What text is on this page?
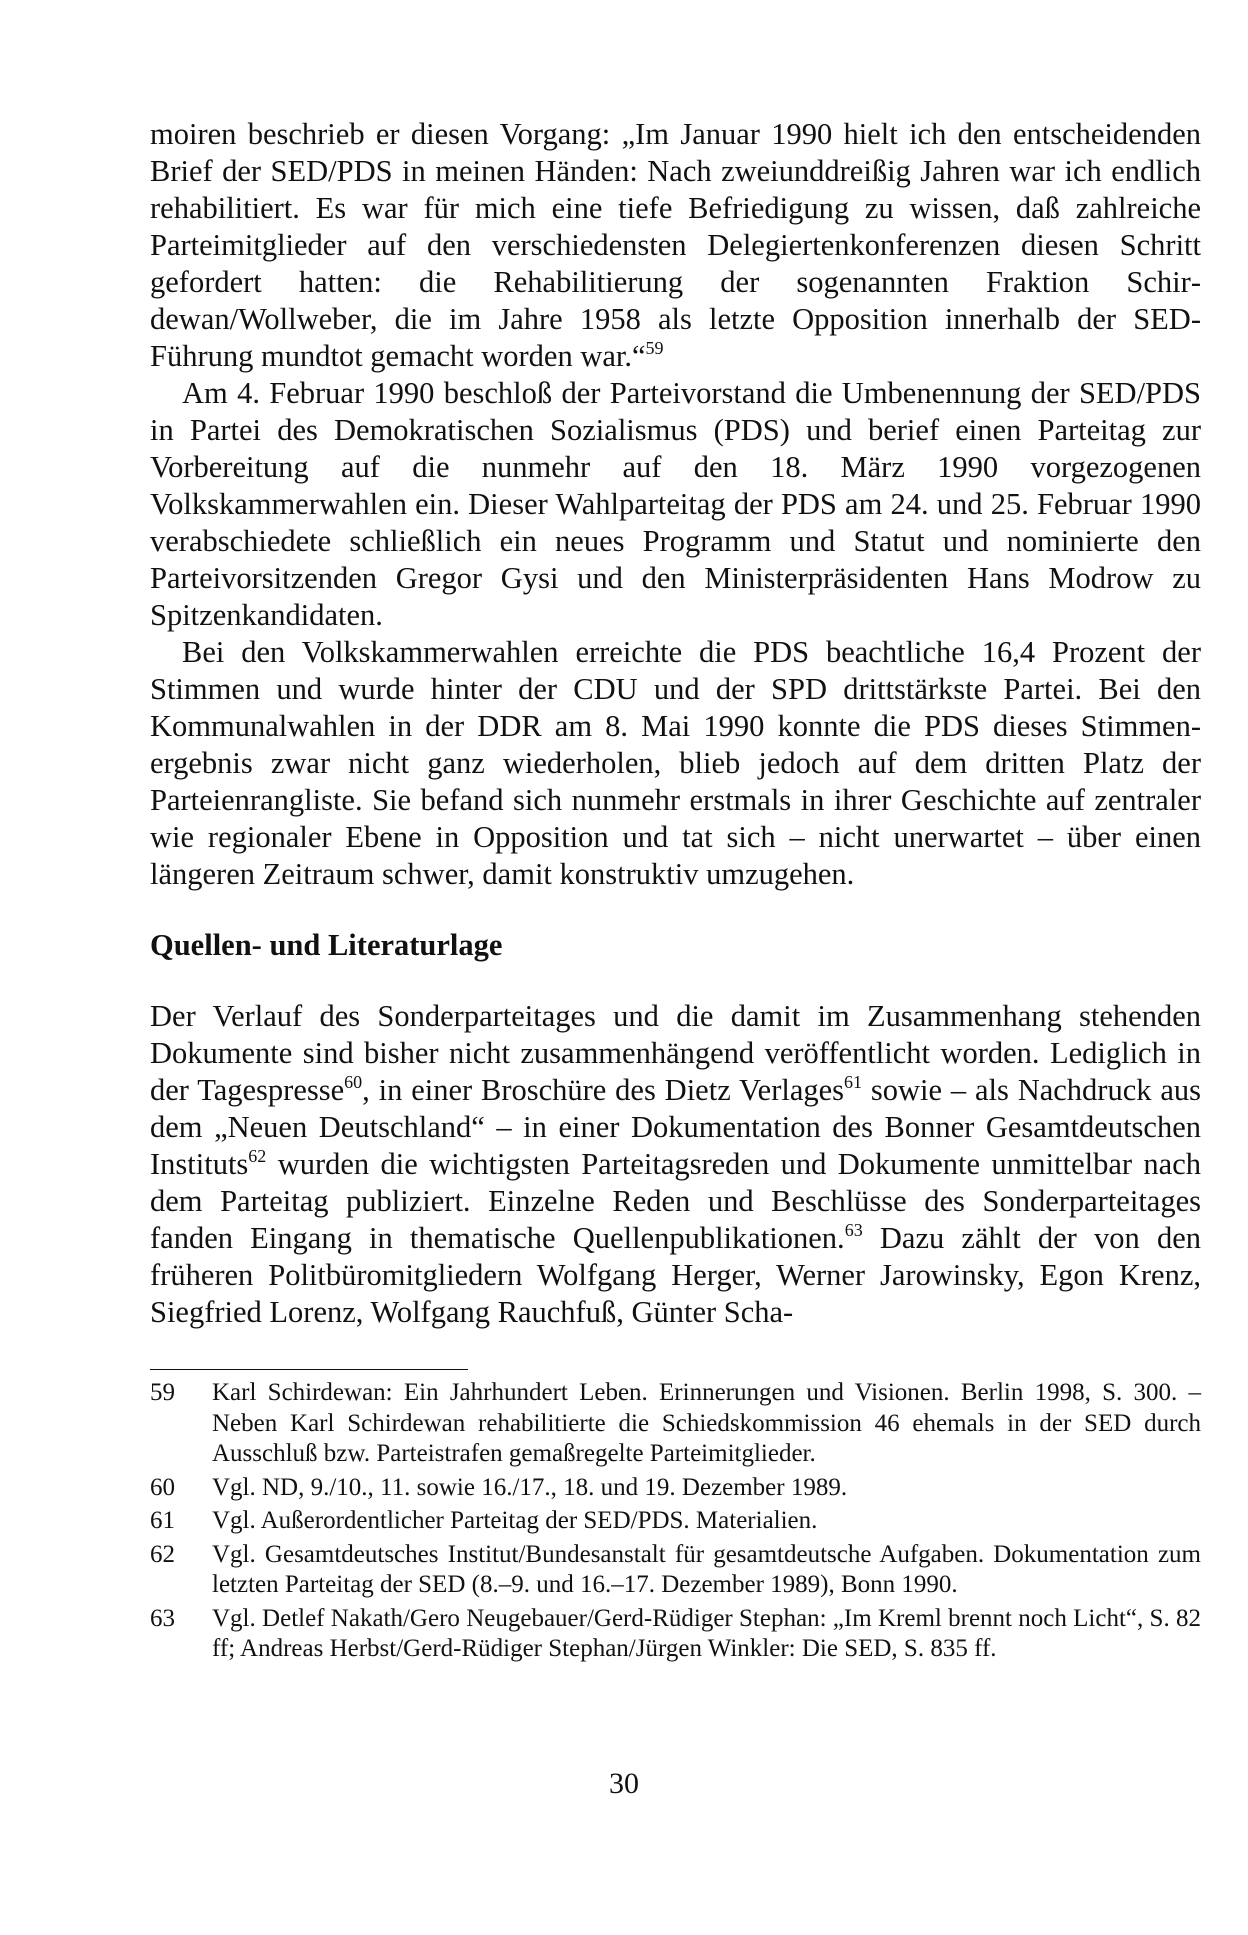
moiren beschrieb er diesen Vorgang: „Im Januar 1990 hielt ich den entscheidenden Brief der SED/PDS in meinen Händen: Nach zweiunddreißig Jahren war ich endlich rehabilitiert. Es war für mich eine tiefe Befriedigung zu wissen, daß zahlreiche Parteimitglieder auf den verschiedensten Delegiertenkonferenzen diesen Schritt gefordert hatten: die Rehabilitierung der sogenannten Fraktion Schirdewan/Wollweber, die im Jahre 1958 als letzte Opposition innerhalb der SED-Führung mundtot gemacht worden war.“$^{59}$

Am 4. Februar 1990 beschloß der Parteivorstand die Umbenennung der SED/PDS in Partei des Demokratischen Sozialismus (PDS) und berief einen Parteitag zur Vorbereitung auf die nunmehr auf den 18. März 1990 vorgezogenen Volkskammerwahlen ein. Dieser Wahlparteitag der PDS am 24. und 25. Februar 1990 verabschiedete schließlich ein neues Programm und Statut und nominierte den Parteivorsitzenden Gregor Gysi und den Ministerpräsidenten Hans Modrow zu Spitzenkandidaten.

Bei den Volkskammerwahlen erreichte die PDS beachtliche 16,4 Prozent der Stimmen und wurde hinter der CDU und der SPD drittstärkste Partei. Bei den Kommunalwahlen in der DDR am 8. Mai 1990 konnte die PDS dieses Stimmenergebnis zwar nicht ganz wiederholen, blieb jedoch auf dem dritten Platz der Parteienrangliste. Sie befand sich nunmehr erstmals in ihrer Geschichte auf zentraler wie regionaler Ebene in Opposition und tat sich – nicht unerwartet – über einen längeren Zeitraum schwer, damit konstruktiv umzugehen.

Quellen- und Literaturlage

Der Verlauf des Sonderparteitages und die damit im Zusammenhang stehenden Dokumente sind bisher nicht zusammenhängend veröffentlicht worden. Lediglich in der Tagespresse$^{60}$, in einer Broschüre des Dietz Verlages$^{61}$ sowie – als Nachdruck aus dem „Neuen Deutschland“ – in einer Dokumentation des Bonner Gesamtdeutschen Instituts$^{62}$ wurden die wichtigsten Parteitagsreden und Dokumente unmittelbar nach dem Parteitag publiziert. Einzelne Reden und Beschlüsse des Sonderparteitages fanden Eingang in thematische Quellenpublikationen.$^{63}$ Dazu zählt der von den früheren Politbüromitgliedern Wolfgang Herger, Werner Jarowinsky, Egon Krenz, Siegfried Lorenz, Wolfgang Rauchfuß, Günter Scha-

59	Karl Schirdewan: Ein Jahrhundert Leben. Erinnerungen und Visionen. Berlin 1998, S. 300. – Neben Karl Schirdewan rehabilitierte die Schiedskommission 46 ehemals in der SED durch Ausschluß bzw. Parteistrafen gemaßregelte Parteimitglieder.
60	Vgl. ND, 9./10., 11. sowie 16./17., 18. und 19. Dezember 1989.
61	Vgl. Außerordentlicher Parteitag der SED/PDS. Materialien.
62	Vgl. Gesamtdeutsches Institut/Bundesanstalt für gesamtdeutsche Aufgaben. Dokumentation zum letzten Parteitag der SED (8.–9. und 16.–17. Dezember 1989), Bonn 1990.
63	Vgl. Detlef Nakath/Gero Neugebauer/Gerd-Rüdiger Stephan: „Im Kreml brennt noch Licht“, S. 82 ff; Andreas Herbst/Gerd-Rüdiger Stephan/Jürgen Winkler: Die SED, S. 835 ff.
30
